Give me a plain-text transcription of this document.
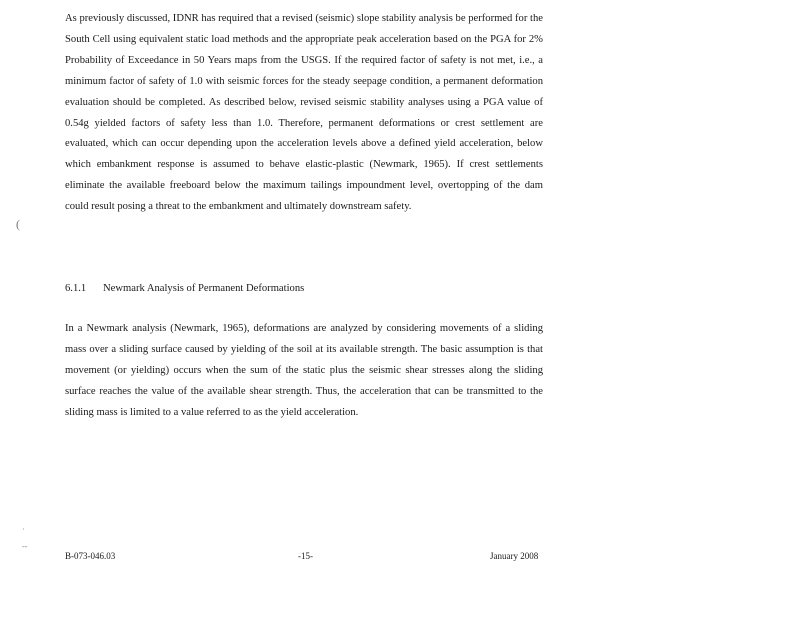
As previously discussed, IDNR has required that a revised (seismic) slope stability analysis be performed for the South Cell using equivalent static load methods and the appropriate peak acceleration based on the PGA for 2% Probability of Exceedance in 50 Years maps from the USGS. If the required factor of safety is not met, i.e., a minimum factor of safety of 1.0 with seismic forces for the steady seepage condition, a permanent deformation evaluation should be completed. As described below, revised seismic stability analyses using a PGA value of 0.54g yielded factors of safety less than 1.0. Therefore, permanent deformations or crest settlement are evaluated, which can occur depending upon the acceleration levels above a defined yield acceleration, below which embankment response is assumed to behave elastic-plastic (Newmark, 1965). If crest settlements eliminate the available freeboard below the maximum tailings impoundment level, overtopping of the dam could result posing a threat to the embankment and ultimately downstream safety.

6.1.1 Newmark Analysis of Permanent Deformations

In a Newmark analysis (Newmark, 1965), deformations are analyzed by considering movements of a sliding mass over a sliding surface caused by yielding of the soil at its available strength. The basic assumption is that movement (or yielding) occurs when the sum of the static plus the seismic shear stresses along the sliding surface reaches the value of the available shear strength. Thus, the acceleration that can be transmitted to the sliding mass is limited to a value referred to as the yield acceleration.

(
·
--
B-073-046.03	-15-	January 2008
